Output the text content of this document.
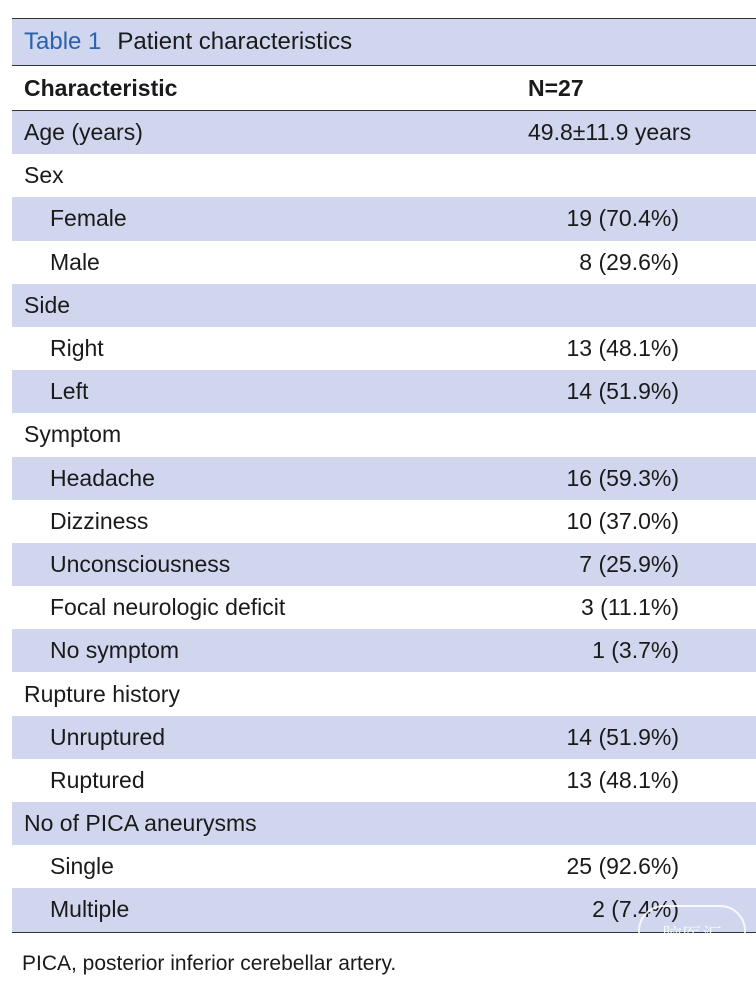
Table 1 Patient characteristics
Characteristic	N=27
Age (years)	49.8±11.9 years
Sex
Female	19 (70.4%)
Male	8 (29.6%)
Side
Right	13 (48.1%)
Left	14 (51.9%)
Symptom
Headache	16 (59.3%)
Dizziness	10 (37.0%)
Unconsciousness	7 (25.9%)
Focal neurologic deficit	3 (11.1%)
No symptom	1 (3.7%)
Rupture history
Unruptured	14 (51.9%)
Ruptured	13 (48.1%)
No of PICA aneurysms
Single	25 (92.6%)
Multiple	2 (7.4%)
PICA, posterior inferior cerebellar artery.
脑医汇
